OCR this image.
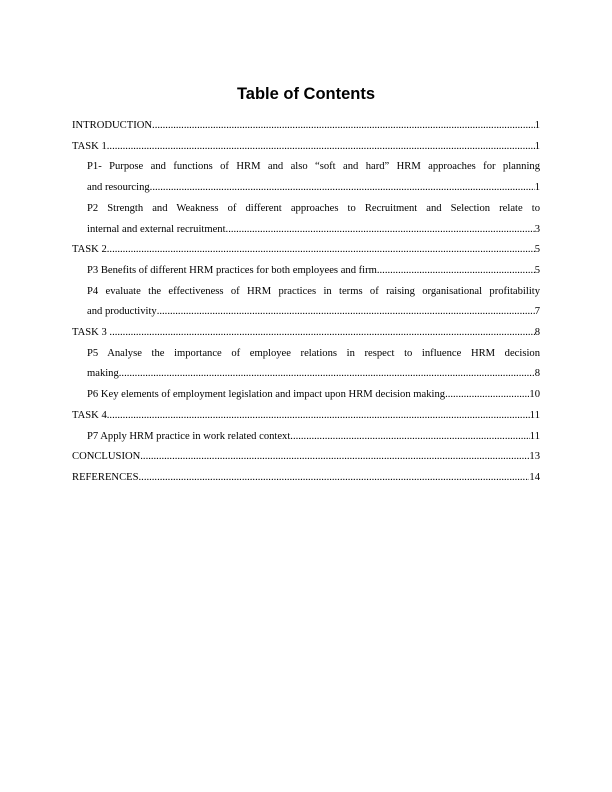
Table of Contents
INTRODUCTION .....	1
TASK 1 .....	1
P1- Purpose and functions of HRM and also “soft and hard” HRM approaches for planning
and resourcing .....	1
P2 Strength and Weakness of different approaches to Recruitment and Selection relate to
internal and external recruitment .....	3
TASK 2 .....	5
P3 Benefits of different HRM practices for both employees and firm. .....	5
P4 evaluate the effectiveness of HRM practices in terms of raising organisational profitability
and productivity .....	7
TASK 3 .....	8
P5 Analyse the importance of employee relations in respect to influence HRM decision
making .....	8
P6 Key elements of employment legislation and impact upon HRM decision making .....	10
TASK 4 .....	11
P7 Apply HRM practice in work related context .....	11
CONCLUSION .....	13
REFERENCES .....	14
